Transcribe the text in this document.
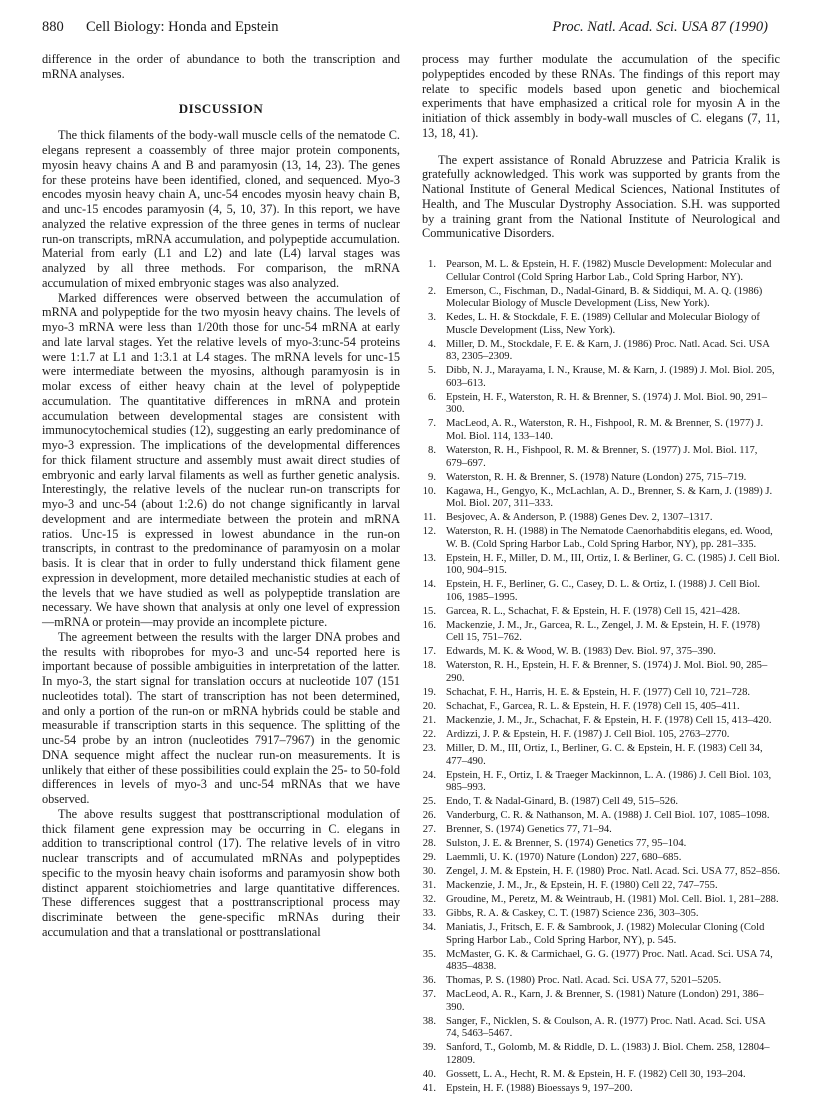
880 Cell Biology: Honda and Epstein	Proc. Natl. Acad. Sci. USA 87 (1990)

difference in the order of abundance to both the transcription and mRNA analyses.

DISCUSSION

The thick filaments of the body-wall muscle cells of the nematode C. elegans represent a coassembly of three major protein components, myosin heavy chains A and B and paramyosin (13, 14, 23). The genes for these proteins have been identified, cloned, and sequenced. Myo-3 encodes myosin heavy chain A, unc-54 encodes myosin heavy chain B, and unc-15 encodes paramyosin (4, 5, 10, 37). In this report, we have analyzed the relative expression of the three genes in terms of nuclear run-on transcripts, mRNA accumulation, and polypeptide accumulation. Material from early (L1 and L2) and late (L4) larval stages was analyzed by all three methods. For comparison, the mRNA accumulation of mixed embryonic stages was also analyzed.

Marked differences were observed between the accumulation of mRNA and polypeptide for the two myosin heavy chains. The levels of myo-3 mRNA were less than 1/20th those for unc-54 mRNA at early and late larval stages. Yet the relative levels of myo-3:unc-54 proteins were 1:1.7 at L1 and 1:3.1 at L4 stages. The mRNA levels for unc-15 were intermediate between the myosins, although paramyosin is in molar excess of either heavy chain at the level of polypeptide accumulation. The quantitative differences in mRNA and protein accumulation between developmental stages are consistent with immunocytochemical studies (12), suggesting an early predominance of myo-3 expression. The implications of the developmental differences for thick filament structure and assembly must await direct studies of embryonic and early larval filaments as well as further genetic analysis. Interestingly, the relative levels of the nuclear run-on transcripts for myo-3 and unc-54 (about 1:2.6) do not change significantly in larval development and are intermediate between the protein and mRNA ratios. Unc-15 is expressed in lowest abundance in the run-on transcripts, in contrast to the predominance of paramyosin on a molar basis. It is clear that in order to fully understand thick filament gene expression in development, more detailed mechanistic studies at each of the levels that we have studied as well as polypeptide translation are necessary. We have shown that analysis at only one level of expression—mRNA or protein—may provide an incomplete picture.

The agreement between the results with the larger DNA probes and the results with riboprobes for myo-3 and unc-54 reported here is important because of possible ambiguities in interpretation of the latter. In myo-3, the start signal for translation occurs at nucleotide 107 (151 nucleotides total). The start of transcription has not been determined, and only a portion of the run-on or mRNA hybrids could be stable and measurable if transcription starts in this sequence. The splitting of the unc-54 probe by an intron (nucleotides 7917–7967) in the genomic DNA sequence might affect the nuclear run-on measurements. It is unlikely that either of these possibilities could explain the 25- to 50-fold differences in levels of myo-3 and unc-54 mRNAs that we have observed.

The above results suggest that posttranscriptional modulation of thick filament gene expression may be occurring in C. elegans in addition to transcriptional control (17). The relative levels of in vitro nuclear transcripts and of accumulated mRNAs and polypeptides specific to the myosin heavy chain isoforms and paramyosin show both distinct apparent stoichiometries and large quantitative differences. These differences suggest that a posttranscriptional process may discriminate between the gene-specific mRNAs during their accumulation and that a translational or posttranslational

process may further modulate the accumulation of the specific polypeptides encoded by these RNAs. The findings of this report may relate to specific models based upon genetic and biochemical experiments that have emphasized a critical role for myosin A in the initiation of thick assembly in body-wall muscles of C. elegans (7, 11, 13, 18, 41).

The expert assistance of Ronald Abruzzese and Patricia Kralik is gratefully acknowledged. This work was supported by grants from the National Institute of General Medical Sciences, National Institutes of Health, and The Muscular Dystrophy Association. S.H. was supported by a training grant from the National Institute of Neurological and Communicative Disorders.

1. Pearson, M. L. & Epstein, H. F. (1982) Muscle Development: Molecular and Cellular Control (Cold Spring Harbor Lab., Cold Spring Harbor, NY).
2. Emerson, C., Fischman, D., Nadal-Ginard, B. & Siddiqui, M. A. Q. (1986) Molecular Biology of Muscle Development (Liss, New York).
3. Kedes, L. H. & Stockdale, F. E. (1989) Cellular and Molecular Biology of Muscle Development (Liss, New York).
4. Miller, D. M., Stockdale, F. E. & Karn, J. (1986) Proc. Natl. Acad. Sci. USA 83, 2305–2309.
5. Dibb, N. J., Marayama, I. N., Krause, M. & Karn, J. (1989) J. Mol. Biol. 205, 603–613.
6. Epstein, H. F., Waterston, R. H. & Brenner, S. (1974) J. Mol. Biol. 90, 291–300.
7. MacLeod, A. R., Waterston, R. H., Fishpool, R. M. & Brenner, S. (1977) J. Mol. Biol. 114, 133–140.
8. Waterston, R. H., Fishpool, R. M. & Brenner, S. (1977) J. Mol. Biol. 117, 679–697.
9. Waterston, R. H. & Brenner, S. (1978) Nature (London) 275, 715–719.
10. Kagawa, H., Gengyo, K., McLachlan, A. D., Brenner, S. & Karn, J. (1989) J. Mol. Biol. 207, 311–333.
11. Besjovec, A. & Anderson, P. (1988) Genes Dev. 2, 1307–1317.
12. Waterston, R. H. (1988) in The Nematode Caenorhabditis elegans, ed. Wood, W. B. (Cold Spring Harbor Lab., Cold Spring Harbor, NY), pp. 281–335.
13. Epstein, H. F., Miller, D. M., III, Ortiz, I. & Berliner, G. C. (1985) J. Cell Biol. 100, 904–915.
14. Epstein, H. F., Berliner, G. C., Casey, D. L. & Ortiz, I. (1988) J. Cell Biol. 106, 1985–1995.
15. Garcea, R. L., Schachat, F. & Epstein, H. F. (1978) Cell 15, 421–428.
16. Mackenzie, J. M., Jr., Garcea, R. L., Zengel, J. M. & Epstein, H. F. (1978) Cell 15, 751–762.
17. Edwards, M. K. & Wood, W. B. (1983) Dev. Biol. 97, 375–390.
18. Waterston, R. H., Epstein, H. F. & Brenner, S. (1974) J. Mol. Biol. 90, 285–290.
19. Schachat, F. H., Harris, H. E. & Epstein, H. F. (1977) Cell 10, 721–728.
20. Schachat, F., Garcea, R. L. & Epstein, H. F. (1978) Cell 15, 405–411.
21. Mackenzie, J. M., Jr., Schachat, F. & Epstein, H. F. (1978) Cell 15, 413–420.
22. Ardizzi, J. P. & Epstein, H. F. (1987) J. Cell Biol. 105, 2763–2770.
23. Miller, D. M., III, Ortiz, I., Berliner, G. C. & Epstein, H. F. (1983) Cell 34, 477–490.
24. Epstein, H. F., Ortiz, I. & Traeger Mackinnon, L. A. (1986) J. Cell Biol. 103, 985–993.
25. Endo, T. & Nadal-Ginard, B. (1987) Cell 49, 515–526.
26. Vanderburg, C. R. & Nathanson, M. A. (1988) J. Cell Biol. 107, 1085–1098.
27. Brenner, S. (1974) Genetics 77, 71–94.
28. Sulston, J. E. & Brenner, S. (1974) Genetics 77, 95–104.
29. Laemmli, U. K. (1970) Nature (London) 227, 680–685.
30. Zengel, J. M. & Epstein, H. F. (1980) Proc. Natl. Acad. Sci. USA 77, 852–856.
31. Mackenzie, J. M., Jr., & Epstein, H. F. (1980) Cell 22, 747–755.
32. Groudine, M., Peretz, M. & Weintraub, H. (1981) Mol. Cell. Biol. 1, 281–288.
33. Gibbs, R. A. & Caskey, C. T. (1987) Science 236, 303–305.
34. Maniatis, J., Fritsch, E. F. & Sambrook, J. (1982) Molecular Cloning (Cold Spring Harbor Lab., Cold Spring Harbor, NY), p. 545.
35. McMaster, G. K. & Carmichael, G. G. (1977) Proc. Natl. Acad. Sci. USA 74, 4835–4838.
36. Thomas, P. S. (1980) Proc. Natl. Acad. Sci. USA 77, 5201–5205.
37. MacLeod, A. R., Karn, J. & Brenner, S. (1981) Nature (London) 291, 386–390.
38. Sanger, F., Nicklen, S. & Coulson, A. R. (1977) Proc. Natl. Acad. Sci. USA 74, 5463–5467.
39. Sanford, T., Golomb, M. & Riddle, D. L. (1983) J. Biol. Chem. 258, 12804–12809.
40. Gossett, L. A., Hecht, R. M. & Epstein, H. F. (1982) Cell 30, 193–204.
41. Epstein, H. F. (1988) Bioessays 9, 197–200.
